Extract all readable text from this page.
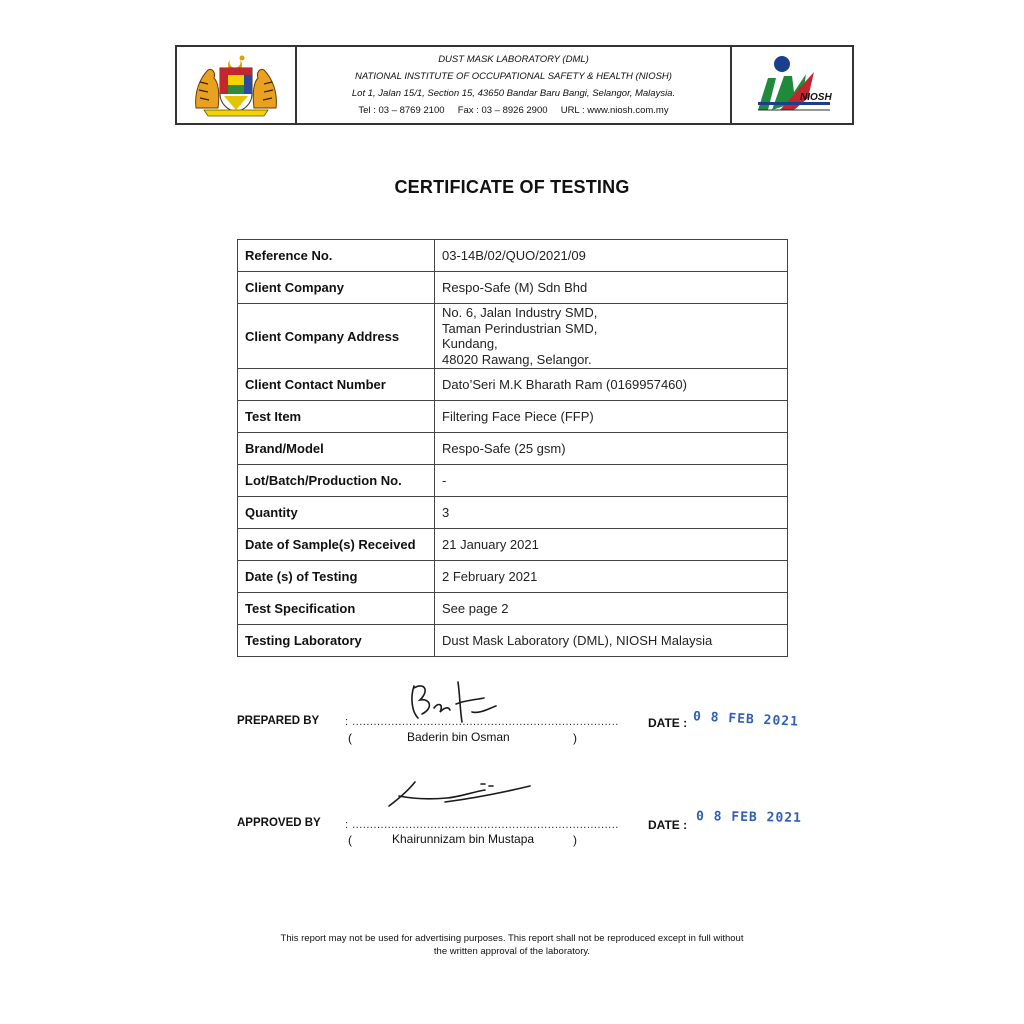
DUST MASK LABORATORY (DML)
NATIONAL INSTITUTE OF OCCUPATIONAL SAFETY & HEALTH (NIOSH)
Lot 1, Jalan 15/1, Section 15, 43650 Bandar Baru Bangi, Selangor, Malaysia.
Tel : 03 – 8769 2100     Fax : 03 – 8926 2900     URL : www.niosh.com.my
NIOSH
CERTIFICATE OF TESTING
Reference No.	03-14B/02/QUO/2021/09
Client Company	Respo-Safe (M) Sdn Bhd
Client Company Address	No. 6, Jalan Industry SMD,
Taman Perindustrian SMD,
Kundang,
48020 Rawang, Selangor.

Client Contact Number	Dato’Seri M.K Bharath Ram (0169957460)
Test Item	Filtering Face Piece (FFP)
Brand/Model	Respo-Safe (25 gsm)
Lot/Batch/Production No.	-
Quantity	3
Date of Sample(s) Received	21 January 2021
Date (s) of Testing	2 February 2021
Test Specification	See page 2
Testing Laboratory	Dust Mask Laboratory (DML), NIOSH Malaysia
PREPARED BY : ...........................................................................
(	Baderin bin Osman	)
DATE : 0 8 FEB 2021
APPROVED BY : ...........................................................................
(	Khairunnizam bin Mustapa	)
DATE : 0 8 FEB 2021
This report may not be used for advertising purposes. This report shall not be reproduced except in full without
the written approval of the laboratory.
